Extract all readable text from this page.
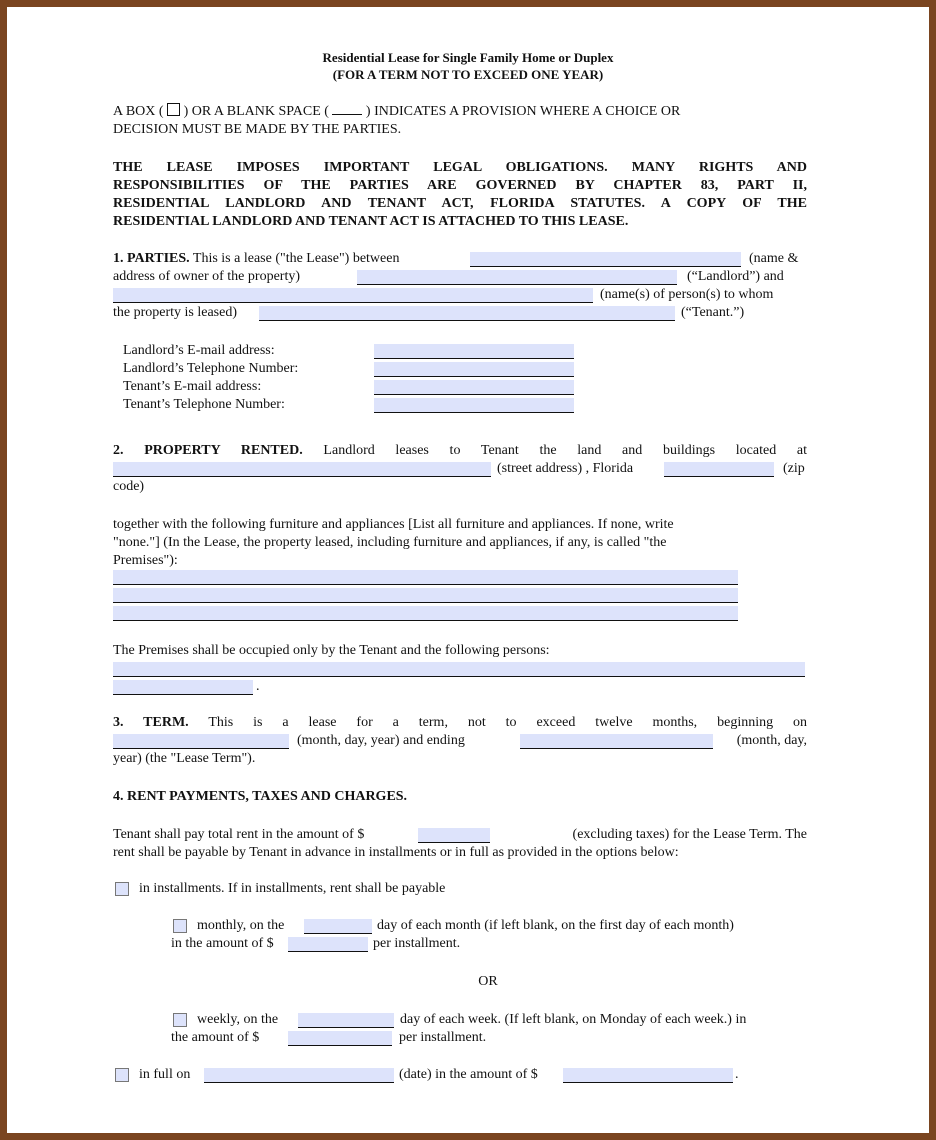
Residential Lease for Single Family Home or Duplex
(FOR A TERM NOT TO EXCEED ONE YEAR)
A BOX ( ) OR A BLANK SPACE (	) INDICATES A PROVISION WHERE A CHOICE OR
DECISION MUST BE MADE BY THE PARTIES.
THE LEASE IMPOSES IMPORTANT LEGAL OBLIGATIONS. MANY RIGHTS AND
RESPONSIBILITIES OF THE PARTIES ARE GOVERNED BY CHAPTER 83, PART II,
RESIDENTIAL LANDLORD AND TENANT ACT, FLORIDA STATUTES. A COPY OF THE
RESIDENTIAL LANDLORD AND TENANT ACT IS ATTACHED TO THIS LEASE.
1. PARTIES. This is a lease ("the Lease") between	(name &
address of owner of the property)	(“Landlord”) and
(name(s) of person(s) to whom
the property is leased)	(“Tenant.”)
Landlord’s E-mail address:
Landlord’s Telephone Number:
Tenant’s E-mail address:
Tenant’s Telephone Number:
2. PROPERTY RENTED. Landlord leases to Tenant the land and buildings located at
(street address) , Florida	(zip
code)
together with the following furniture and appliances [List all furniture and appliances. If none, write
"none."] (In the Lease, the property leased, including furniture and appliances, if any, is called "the
Premises"):
The Premises shall be occupied only by the Tenant and the following persons:
.
3. TERM. This is a lease for a term, not to exceed twelve months, beginning on
(month, day, year) and ending	(month, day,
year) (the "Lease Term").
4. RENT PAYMENTS, TAXES AND CHARGES.
Tenant shall pay total rent in the amount of $	(excluding taxes) for the Lease Term. The
rent shall be payable by Tenant in advance in installments or in full as provided in the options below:
in installments. If in installments, rent shall be payable
monthly, on the	day of each month (if left blank, on the first day of each month)
in the amount of $	per installment.
OR
weekly, on the	day of each week. (If left blank, on Monday of each week.) in
the amount of $	per installment.
in full on	(date) in the amount of $	.
